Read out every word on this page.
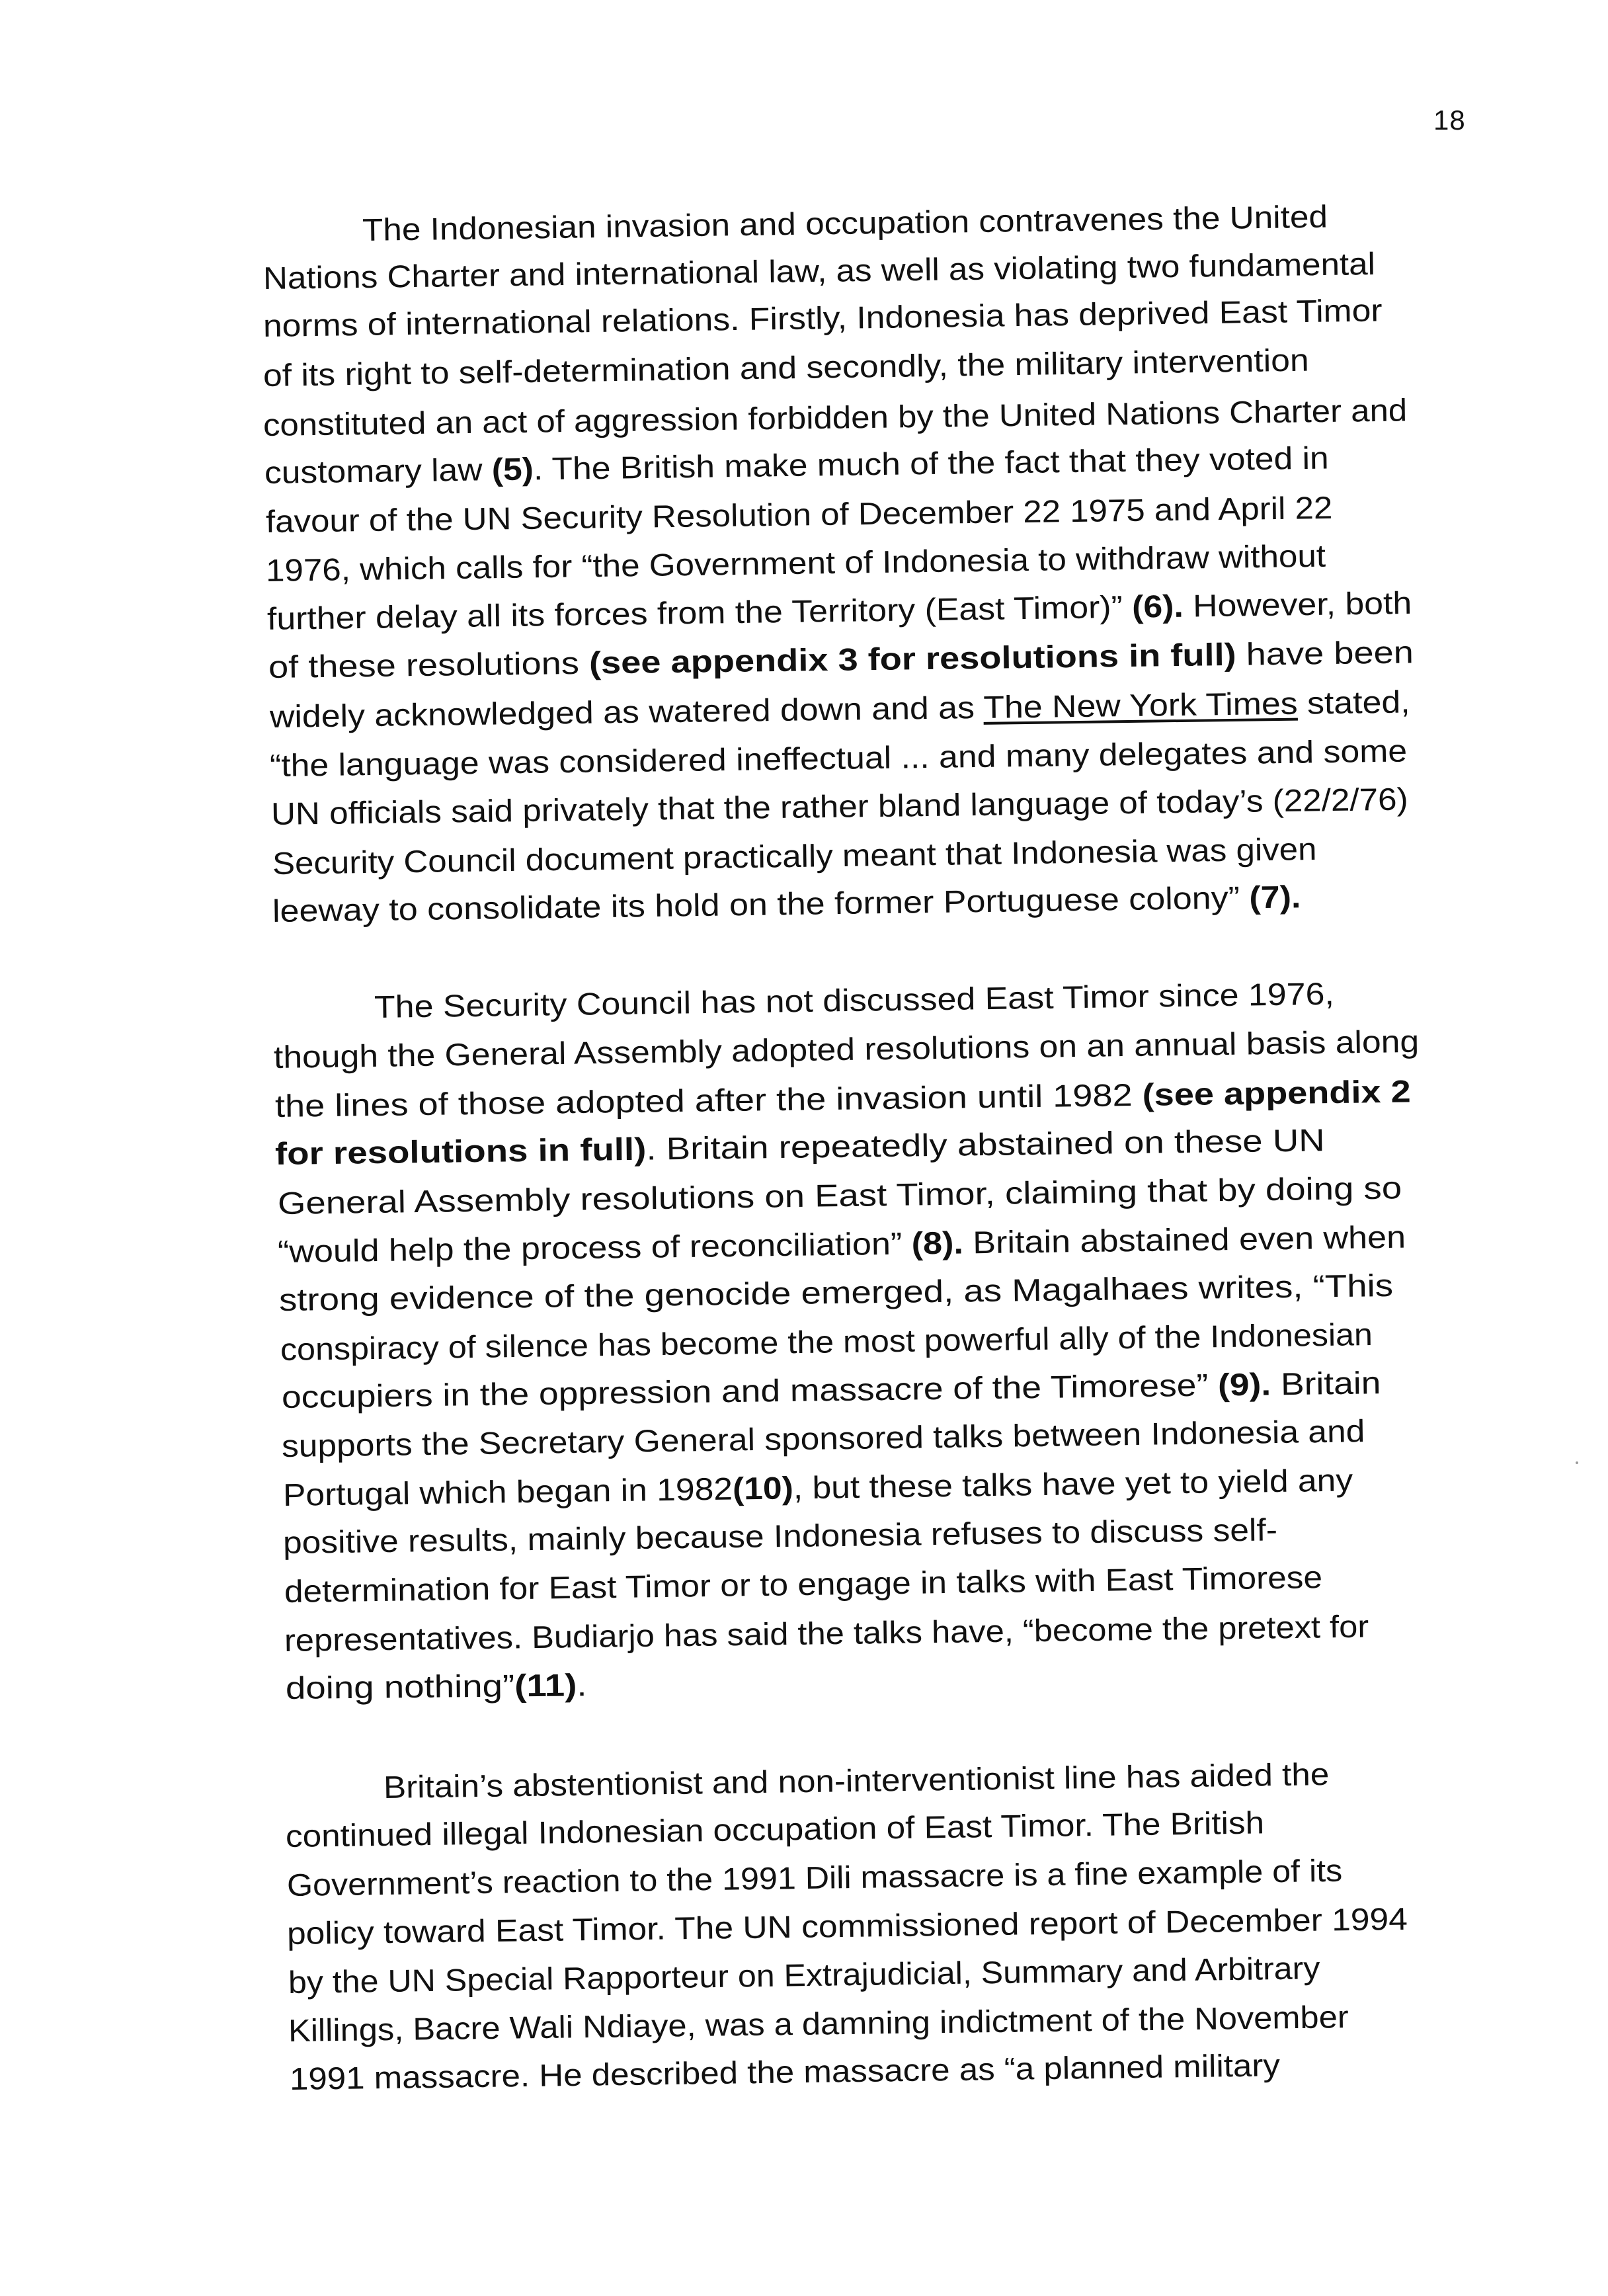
18
The Indonesian invasion and occupation contravenes the United
Nations Charter and international law, as well as violating two fundamental
norms of international relations. Firstly, Indonesia has deprived East Timor
of its right to self-determination and secondly, the military intervention
constituted an act of aggression forbidden by the United Nations Charter and
customary law (5). The British make much of the fact that they voted in
favour of the UN Security Resolution of December 22 1975 and April 22
1976, which calls for “the Government of Indonesia to withdraw without
further delay all its forces from the Territory (East Timor)” (6). However, both
of these resolutions (see appendix 3 for resolutions in full) have been
widely acknowledged as watered down and as The New York Times stated,
“the language was considered ineffectual ... and many delegates and some
UN officials said privately that the rather bland language of today’s (22/2/76)
Security Council document practically meant that Indonesia was given
leeway to consolidate its hold on the former Portuguese colony” (7).
The Security Council has not discussed East Timor since 1976,
though the General Assembly adopted resolutions on an annual basis along
the lines of those adopted after the invasion until 1982 (see appendix 2
for resolutions in full). Britain repeatedly abstained on these UN
General Assembly resolutions on East Timor, claiming that by doing so
“would help the process of reconciliation” (8). Britain abstained even when
strong evidence of the genocide emerged, as Magalhaes writes, “This
conspiracy of silence has become the most powerful ally of the Indonesian
occupiers in the oppression and massacre of the Timorese” (9). Britain
supports the Secretary General sponsored talks between Indonesia and
Portugal which began in 1982(10), but these talks have yet to yield any
positive results, mainly because Indonesia refuses to discuss self-
determination for East Timor or to engage in talks with East Timorese
representatives. Budiarjo has said the talks have, “become the pretext for
doing nothing”(11).
Britain’s abstentionist and non-interventionist line has aided the
continued illegal Indonesian occupation of East Timor. The British
Government’s reaction to the 1991 Dili massacre is a fine example of its
policy toward East Timor. The UN commissioned report of December 1994
by the UN Special Rapporteur on Extrajudicial, Summary and Arbitrary
Killings, Bacre Wali Ndiaye, was a damning indictment of the November
1991 massacre. He described the massacre as “a planned military
